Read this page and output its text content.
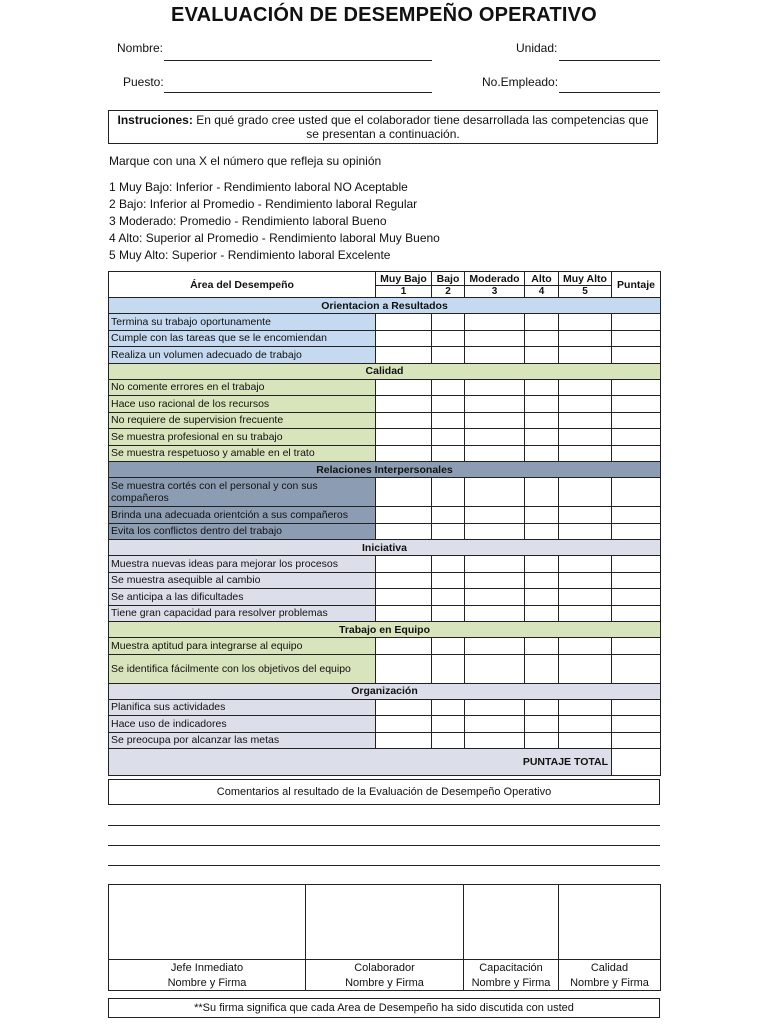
EVALUACIÓN DE DESEMPEÑO OPERATIVO
Nombre:	Unidad:
Puesto:	No.Empleado:
Instruciones: En qué grado cree usted que el colaborador tiene desarrollada las competencias que se presentan a continuación.
Marque con una X el número que refleja su opinión
1 Muy Bajo: Inferior - Rendimiento laboral NO Aceptable
2 Bajo: Inferior al Promedio - Rendimiento laboral Regular
3 Moderado: Promedio - Rendimiento laboral Bueno
4 Alto: Superior al Promedio - Rendimiento laboral Muy Bueno
5 Muy Alto: Superior - Rendimiento laboral Excelente
Área del Desempeño	Muy Bajo	Bajo	Moderado	Alto	Muy Alto	Puntaje
	1	2	3	4	5	
Orientacion a Resultados						
Termina su trabajo oportunamente						
Cumple con las tareas que se le encomiendan						
Realiza un volumen adecuado de trabajo						
Calidad						
No comente errores en el trabajo						
Hace uso racional de los recursos						
No requiere de supervision frecuente						
Se muestra profesional en su trabajo						
Se muestra respetuoso y amable en el trato						
Relaciones Interpersonales						
Se muestra cortés con el personal y con sus compañeros						
Brinda una adecuada orientción a sus compañeros						
Evita los conflictos dentro del trabajo						
Iniciativa						
Muestra nuevas ideas para mejorar los procesos						
Se muestra asequible al cambio						
Se anticipa a las dificultades						
Tiene gran capacidad para resolver problemas						
Trabajo en Equipo						
Muestra aptitud para integrarse al equipo						
Se identifica fácilmente con los objetivos del equipo						
Organización						
Planifica sus actividades						
Hace uso de indicadores						
Se preocupa por alcanzar las metas						
PUNTAJE TOTAL						
Comentarios al resultado de la Evaluación de Desempeño Operativo

Jefe Inmediato	Colaborador	Capacitación	Calidad
Nombre y Firma	Nombre y Firma	Nombre y Firma	Nombre y Firma
**Su firma significa que cada Area de Desempeño ha sido discutida con usted
